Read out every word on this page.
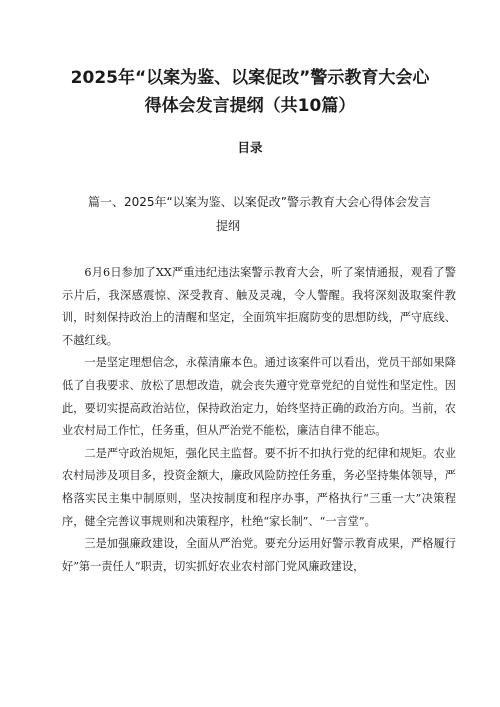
2025年“以案为鉴、以案促改”警示教育大会心
得体会发言提纲（共10篇）
目录

篇一、2025年“以案为鉴、以案促改”警示教育大会心得体会发言
提纲

6月6日参加了XX严重违纪违法案警示教育大会，听了案情通报，观看了警示片后，我深感震惊、深受教育、触及灵魂，令人警醒。我将深刻汲取案件教训，时刻保持政治上的清醒和坚定，全面筑牢拒腐防变的思想防线，严守底线、不越红线。

一是坚定理想信念，永葆清廉本色。通过该案件可以看出，党员干部如果降低了自我要求、放松了思想改造，就会丧失遵守党章党纪的自觉性和坚定性。因此，要切实提高政治站位，保持政治定力，始终坚持正确的政治方向。当前，农业农村局工作忙，任务重，但从严治党不能松，廉洁自律不能忘。

二是严守政治规矩，强化民主监督。要不折不扣执行党的纪律和规矩。农业农村局涉及项目多，投资金额大，廉政风险防控任务重，务必坚持集体领导，严格落实民主集中制原则，坚决按制度和程序办事，严格执行“三重一大”决策程序，健全完善议事规则和决策程序，杜绝“家长制”、“一言堂”。

三是加强廉政建设，全面从严治党。要充分运用好警示教育成果，严格履行好”第一责任人”职责，切实抓好农业农村部门党风廉政建设，
